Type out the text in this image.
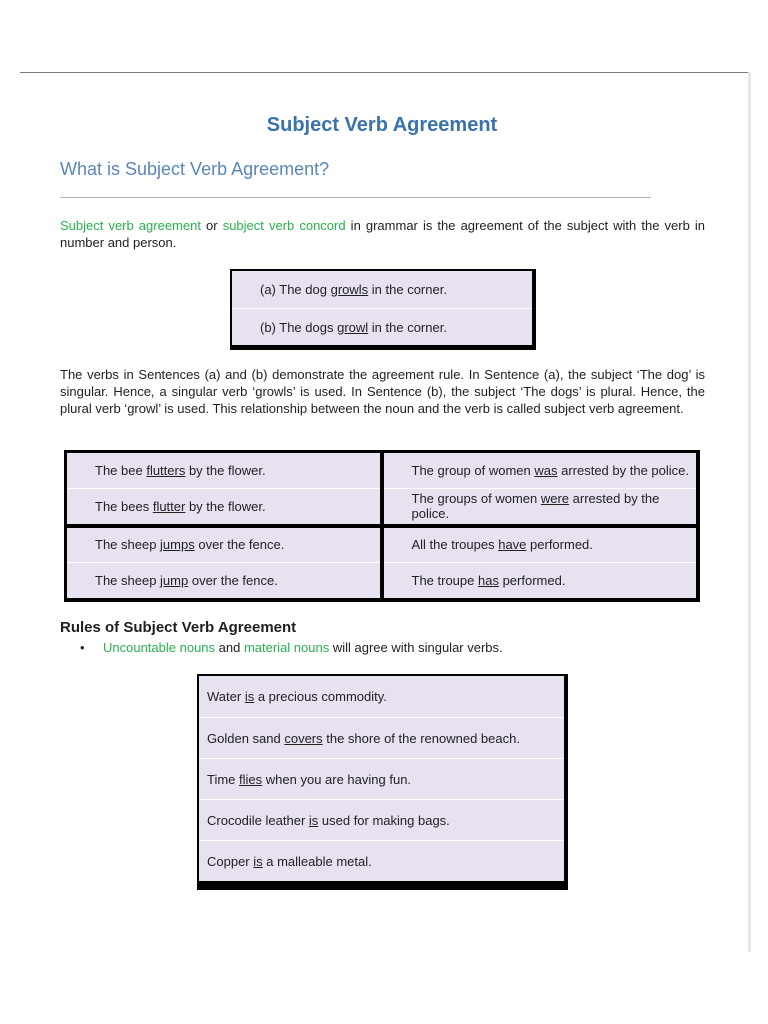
Subject Verb Agreement
What is Subject Verb Agreement?
Subject verb agreement or subject verb concord in grammar is the agreement of the subject with the verb in number and person.
(a) The dog growls in the corner.
(b) The dogs growl in the corner.
The verbs in Sentences (a) and (b) demonstrate the agreement rule. In Sentence (a), the subject ‘The dog’ is singular. Hence, a singular verb ‘growls’ is used. In Sentence (b), the subject ‘The dogs’ is plural. Hence, the plural verb ‘growl’ is used. This relationship between the noun and the verb is called subject verb agreement.
The bee flutters by the flower.
The bees flutter by the flower.
The group of women was arrested by the police.
The groups of women were arrested by the police.
The sheep jumps over the fence.
The sheep jump over the fence.
All the troupes have performed.
The troupe has performed.
Rules of Subject Verb Agreement
• Uncountable nouns and material nouns will agree with singular verbs.
Water is a precious commodity.
Golden sand covers the shore of the renowned beach.
Time flies when you are having fun.
Crocodile leather is used for making bags.
Copper is a malleable metal.
